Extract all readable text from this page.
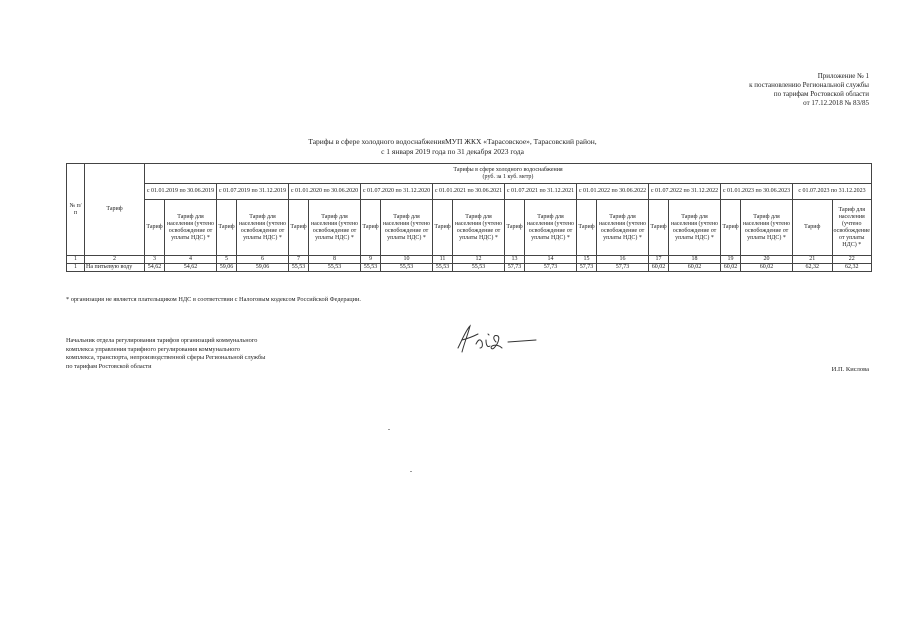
Приложение № 1
к постановлению Региональной службы
по тарифам Ростовской области
от 17.12.2018 № 83/85
Тарифы в сфере холодного водоснабженияМУП ЖКХ «Тарасовское», Тарасовский район,
с 1 января 2019 года по 31 декабря 2023 года
№ п/п	Тариф	Тарифы в сфере холодного водоснабжения
(руб. за 1 куб. метр)																			

		с 01.01.2019 по 30.06.2019		с 01.07.2019 по 31.12.2019		с 01.01.2020 по 30.06.2020		с 01.07.2020 по 31.12.2020		с 01.01.2021 по 30.06.2021		с 01.07.2021 по 31.12.2021		с 01.01.2022 по 30.06.2022		с 01.07.2022 по 31.12.2022		с 01.01.2023 по 30.06.2023		с 01.07.2023 по 31.12.2023	
		Тариф	Тариф для населения (учтено освобождение от уплаты НДС) *	Тариф	Тариф для населения (учтено освобождение от уплаты НДС) *	Тариф	Тариф для населения (учтено освобождение от уплаты НДС) *	Тариф	Тариф для населения (учтено освобождение от уплаты НДС) *	Тариф	Тариф для населения (учтено освобождение от уплаты НДС) *	Тариф	Тариф для населения (учтено освобождение от уплаты НДС) *	Тариф	Тариф для населения (учтено освобождение от уплаты НДС) *	Тариф	Тариф для населения (учтено освобождение от уплаты НДС) *	Тариф	Тариф для населения (учтено освобождение от уплаты НДС) *	Тариф	Тариф для населения (учтено освобождение от уплаты НДС) *
1	2	3	4	5	6	7	8	9	10	11	12	13	14	15	16	17	18	19	20	21	22
1	На питьевую воду	54,62	54,62	59,06	59,06	55,53	55,53	55,53	55,53	55,53	55,53	57,73	57,73	57,73	57,73	60,02	60,02	60,02	60,02	62,32	62,32
* организация не является плательщиком НДС в соответствии с Налоговым кодексом Российской Федерации.
Начальник отдела регулирования тарифов организаций коммунального
комплекса управления тарифного регулирования коммунального
комплекса, транспорта, непроизводственной сферы Региональной службы
по тарифам Ростовской области	И.П. Кислова
